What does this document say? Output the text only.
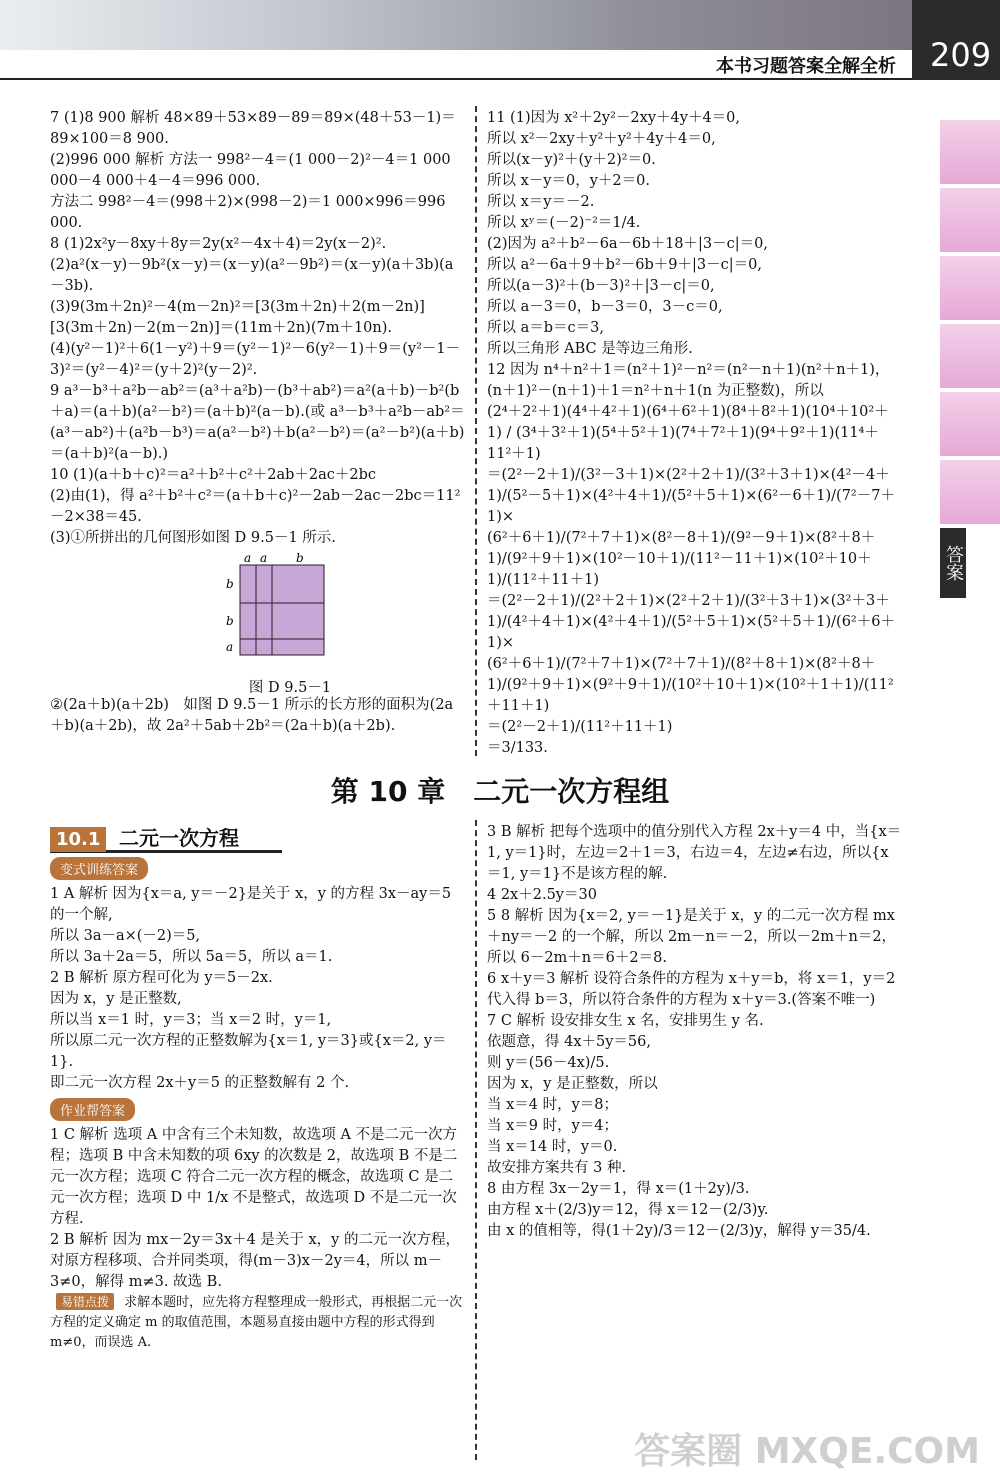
209
本书习题答案全解全析
答案
7 (1)8 900 解析 48×89＋53×89－89＝89×(48＋53－1)＝89×100＝8 900.
(2)996 000 解析 方法一 998²－4＝(1 000－2)²－4＝1 000 000－4 000＋4－4＝996 000.
方法二 998²－4＝(998＋2)×(998－2)＝1 000×996＝996 000.
8 (1)2x²y－8xy＋8y＝2y(x²－4x＋4)＝2y(x－2)².
(2)a²(x－y)－9b²(x－y)＝(x－y)(a²－9b²)＝(x－y)(a＋3b)(a－3b).
(3)9(3m＋2n)²－4(m－2n)²＝[3(3m＋2n)＋2(m－2n)][3(3m＋2n)－2(m－2n)]＝(11m＋2n)(7m＋10n).
(4)(y²－1)²＋6(1－y²)＋9＝(y²－1)²－6(y²－1)＋9＝(y²－1－3)²＝(y²－4)²＝(y＋2)²(y－2)².
9 a³－b³＋a²b－ab²＝(a³＋a²b)－(b³＋ab²)＝a²(a＋b)－b²(b＋a)＝(a＋b)(a²－b²)＝(a＋b)²(a－b).(或 a³－b³＋a²b－ab²＝(a³－ab²)＋(a²b－b³)＝a(a²－b²)＋b(a²－b²)＝(a²－b²)(a＋b)＝(a＋b)²(a－b).)
10 (1)(a＋b＋c)²＝a²＋b²＋c²＋2ab＋2ac＋2bc
(2)由(1)，得 a²＋b²＋c²＝(a＋b＋c)²－2ab－2ac－2bc＝11²－2×38＝45.
(3)①所拼出的几何图形如图 D 9.5－1 所示.
a a b
b
b
a
图 D 9.5－1
②(2a＋b)(a＋2b)　如图 D 9.5－1 所示的长方形的面积为(2a＋b)(a＋2b)，故 2a²＋5ab＋2b²＝(2a＋b)(a＋2b).
11 (1)因为 x²＋2y²－2xy＋4y＋4＝0,
所以 x²－2xy＋y²＋y²＋4y＋4＝0,
所以(x－y)²＋(y＋2)²＝0.
所以 x－y＝0，y＋2＝0.
所以 x＝y＝－2.
所以 xʸ＝(－2)⁻²＝1/4.
(2)因为 a²＋b²－6a－6b＋18＋|3－c|＝0,
所以 a²－6a＋9＋b²－6b＋9＋|3－c|＝0,
所以(a－3)²＋(b－3)²＋|3－c|＝0,
所以 a－3＝0，b－3＝0，3－c＝0,
所以 a＝b＝c＝3,
所以三角形 ABC 是等边三角形.
12 因为 n⁴＋n²＋1＝(n²＋1)²－n²＝(n²－n＋1)(n²＋n＋1)，(n＋1)²－(n＋1)＋1＝n²＋n＋1(n 为正整数)，所以
(2⁴＋2²＋1)(4⁴＋4²＋1)(6⁴＋6²＋1)(8⁴＋8²＋1)(10⁴＋10²＋1) / (3⁴＋3²＋1)(5⁴＋5²＋1)(7⁴＋7²＋1)(9⁴＋9²＋1)(11⁴＋11²＋1)
＝(2²－2＋1)/(3²－3＋1)×(2²＋2＋1)/(3²＋3＋1)×(4²－4＋1)/(5²－5＋1)×(4²＋4＋1)/(5²＋5＋1)×(6²－6＋1)/(7²－7＋1)×
(6²＋6＋1)/(7²＋7＋1)×(8²－8＋1)/(9²－9＋1)×(8²＋8＋1)/(9²＋9＋1)×(10²－10＋1)/(11²－11＋1)×(10²＋10＋1)/(11²＋11＋1)
＝(2²－2＋1)/(2²＋2＋1)×(2²＋2＋1)/(3²＋3＋1)×(3²＋3＋1)/(4²＋4＋1)×(4²＋4＋1)/(5²＋5＋1)×(5²＋5＋1)/(6²＋6＋1)×
(6²＋6＋1)/(7²＋7＋1)×(7²＋7＋1)/(8²＋8＋1)×(8²＋8＋1)/(9²＋9＋1)×(9²＋9＋1)/(10²＋10＋1)×(10²＋1＋1)/(11²＋11＋1)
＝(2²－2＋1)/(11²＋11＋1)
＝3/133.
第 10 章　二元一次方程组
10.1 二元一次方程
变式训练答案
1 A 解析 因为{x＝a, y＝－2}是关于 x，y 的方程 3x－ay＝5 的一个解,
所以 3a－a×(－2)＝5,
所以 3a＋2a＝5，所以 5a＝5，所以 a＝1.
2 B 解析 原方程可化为 y＝5－2x.
因为 x，y 是正整数,
所以当 x＝1 时，y＝3；当 x＝2 时，y＝1,
所以原二元一次方程的正整数解为{x＝1, y＝3}或{x＝2, y＝1}.
即二元一次方程 2x＋y＝5 的正整数解有 2 个.
作业帮答案
1 C 解析 选项 A 中含有三个未知数，故选项 A 不是二元一次方程；选项 B 中含未知数的项 6xy 的次数是 2，故选项 B 不是二元一次方程；选项 C 符合二元一次方程的概念，故选项 C 是二元一次方程；选项 D 中 1/x 不是整式，故选项 D 不是二元一次方程.
2 B 解析 因为 mx－2y＝3x＋4 是关于 x，y 的二元一次方程，对原方程移项、合并同类项，得(m－3)x－2y＝4，所以 m－3≠0，解得 m≠3. 故选 B.
易错点拨 求解本题时，应先将方程整理成一般形式，再根据二元一次方程的定义确定 m 的取值范围，本题易直接由题中方程的形式得到 m≠0，而误选 A.
3 B 解析 把每个选项中的值分别代入方程 2x＋y＝4 中，当{x＝1, y＝1}时，左边＝2＋1＝3，右边＝4，左边≠右边，所以{x＝1, y＝1}不是该方程的解.
4 2x＋2.5y＝30
5 8 解析 因为{x＝2, y＝－1}是关于 x，y 的二元一次方程 mx＋ny＝－2 的一个解，所以 2m－n＝－2，所以－2m＋n＝2，所以 6－2m＋n＝6＋2＝8.
6 x＋y＝3 解析 设符合条件的方程为 x＋y＝b，将 x＝1，y＝2 代入得 b＝3，所以符合条件的方程为 x＋y＝3.(答案不唯一)
7 C 解析 设安排女生 x 名，安排男生 y 名.
依题意，得 4x＋5y＝56,
则 y＝(56－4x)/5.
因为 x，y 是正整数，所以
当 x＝4 时，y＝8；
当 x＝9 时，y＝4；
当 x＝14 时，y＝0.
故安排方案共有 3 种.
8 由方程 3x－2y＝1，得 x＝(1＋2y)/3.
由方程 x＋(2/3)y＝12，得 x＝12－(2/3)y.
由 x 的值相等，得(1＋2y)/3＝12－(2/3)y，解得 y＝35/4.
答案圈 MXQE.COM
